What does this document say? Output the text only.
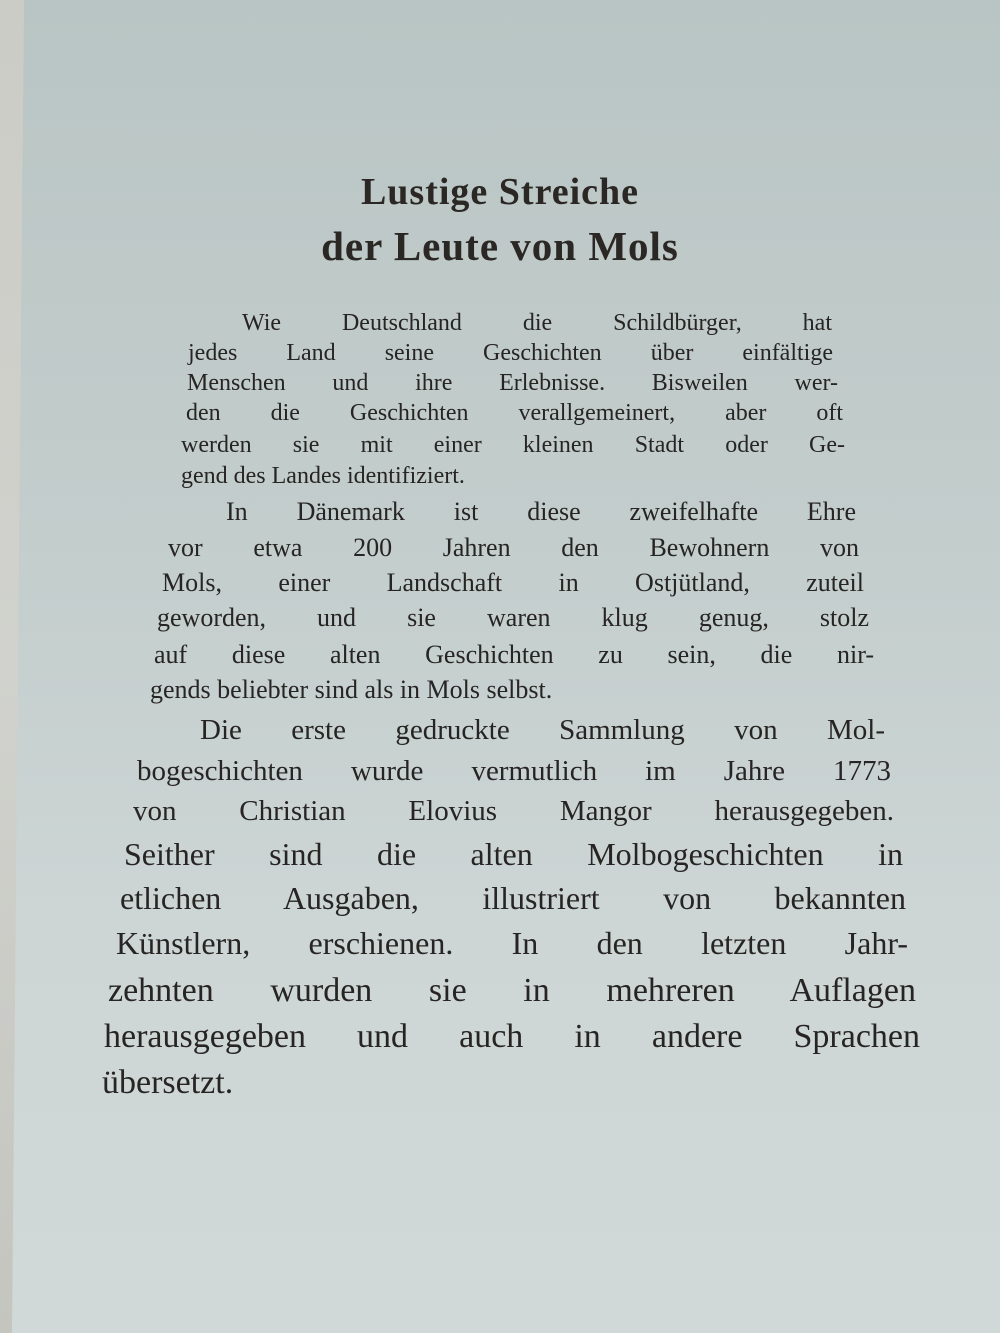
Lustige Streiche
der Leute von Mols
Wie Deutschland die Schildbürger, hat
jedes Land seine Geschichten über einfältige
Menschen und ihre Erlebnisse. Bisweilen wer-
den die Geschichten verallgemeinert, aber oft
werden sie mit einer kleinen Stadt oder Ge-
gend des Landes identifiziert.
In Dänemark ist diese zweifelhafte Ehre
vor etwa 200 Jahren den Bewohnern von
Mols, einer Landschaft in Ostjütland, zuteil
geworden, und sie waren klug genug, stolz
auf diese alten Geschichten zu sein, die nir-
gends beliebter sind als in Mols selbst.
Die erste gedruckte Sammlung von Mol-
bogeschichten wurde vermutlich im Jahre 1773
von Christian Elovius Mangor herausgegeben.
Seither sind die alten Molbogeschichten in
etlichen Ausgaben, illustriert von bekannten
Künstlern, erschienen. In den letzten Jahr-
zehnten wurden sie in mehreren Auflagen
herausgegeben und auch in andere Sprachen
übersetzt.
